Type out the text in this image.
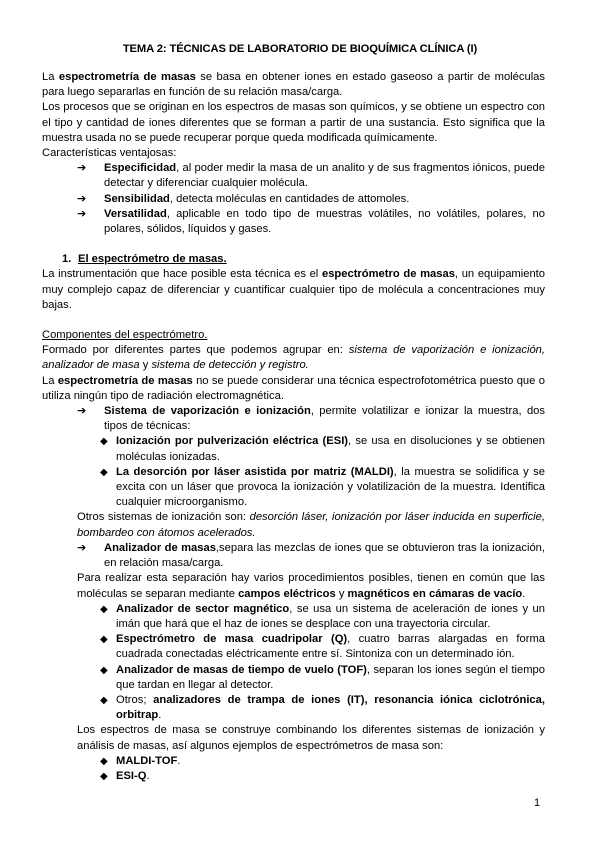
TEMA 2: TÉCNICAS DE LABORATORIO DE BIOQUÍMICA CLÍNICA (I)

La espectrometría de masas se basa en obtener iones en estado gaseoso a partir de moléculas para luego separarlas en función de su relación masa/carga.

Los procesos que se originan en los espectros de masas son químicos, y se obtiene un espectro con el tipo y cantidad de iones diferentes que se forman a partir de una sustancia. Esto significa que la muestra usada no se puede recuperar porque queda modificada químicamente.

Características ventajosas:

➔	Especificidad, al poder medir la masa de un analito y de sus fragmentos iónicos, puede detectar y diferenciar cualquier molécula.
➔	Sensibilidad, detecta moléculas en cantidades de attomoles.
➔	Versatilidad, aplicable en todo tipo de muestras volátiles, no volátiles, polares, no polares, sólidos, líquidos y gases.
1. El espectrómetro de masas.

La instrumentación que hace posible esta técnica es el espectrómetro de masas, un equipamiento muy complejo capaz de diferenciar y cuantificar cualquier tipo de molécula a concentraciones muy bajas.

Componentes del espectrómetro.

Formado por diferentes partes que podemos agrupar en: sistema de vaporización e ionización, analizador de masa y sistema de detección y registro.

La espectrometría de masas no se puede considerar una técnica espectrofotométrica puesto que o utiliza ningún tipo de radiación electromagnética.

➔	Sistema de vaporización e ionización, permite volatilizar e ionizar la muestra, dos tipos de técnicas:
◆ Ionización por pulverización eléctrica (ESI), se usa en disoluciones y se obtienen moléculas ionizadas.
◆ La desorción por láser asistida por matriz (MALDI), la muestra se solidifica y se excita con un láser que provoca la ionización y volatilización de la muestra. Identifica cualquier microorganismo.

Otros sistemas de ionización son: desorción láser, ionización por láser inducida en superficie, bombardeo con átomos acelerados.

➔	Analizador de masas,separa las mezclas de iones que se obtuvieron tras la ionización, en relación masa/carga.

Para realizar esta separación hay varios procedimientos posibles, tienen en común que las moléculas se separan mediante campos eléctricos y magnéticos en cámaras de vacío.

◆ Analizador de sector magnético, se usa un sistema de aceleración de iones y un imán que hará que el haz de iones se desplace con una trayectoria circular.
◆ Espectrómetro de masa cuadripolar (Q), cuatro barras alargadas en forma cuadrada conectadas eléctricamente entre sí. Sintoniza con un determinado ión.
◆ Analizador de masas de tiempo de vuelo (TOF), separan los iones según el tiempo que tardan en llegar al detector.
◆ Otros; analizadores de trampa de iones (IT), resonancia iónica ciclotrónica, orbitrap.

Los espectros de masa se construye combinando los diferentes sistemas de ionización y análisis de masas, así algunos ejemplos de espectrómetros de masa son:

◆ MALDI-TOF.
◆ ESI-Q.
1
